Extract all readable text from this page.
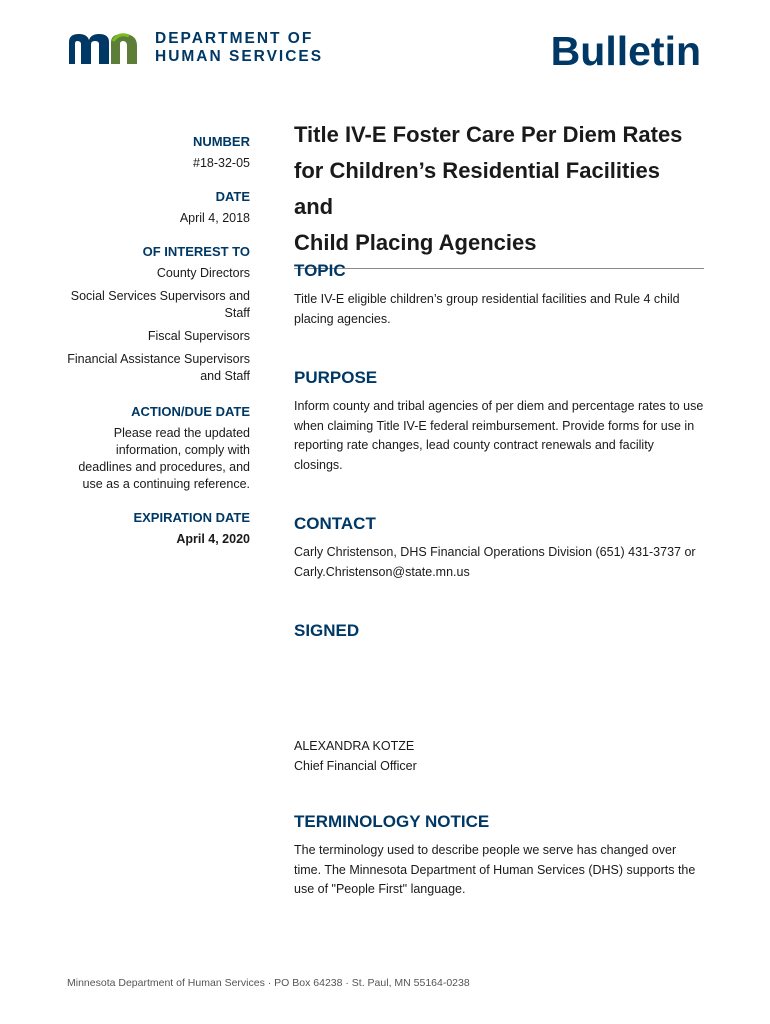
DEPARTMENT OF
HUMAN SERVICES	Bulletin
NUMBER
#18-32-05
DATE
April 4, 2018
OF INTEREST TO
County Directors
Social Services Supervisors and Staff
Fiscal Supervisors
Financial Assistance Supervisors and Staff
ACTION/DUE DATE
Please read the updated information, comply with deadlines and procedures, and use as a continuing reference.
EXPIRATION DATE
April 4, 2020
Title IV-E Foster Care Per Diem Rates
for Children’s Residential Facilities and
Child Placing Agencies
TOPIC
Title IV-E eligible children’s group residential facilities and Rule 4 child placing agencies.
PURPOSE
Inform county and tribal agencies of per diem and percentage rates to use when claiming Title IV-E federal reimbursement. Provide forms for use in reporting rate changes, lead county contract renewals and facility closings.
CONTACT
Carly Christenson, DHS Financial Operations Division (651) 431-3737 or Carly.Christenson@state.mn.us
SIGNED
ALEXANDRA KOTZE
Chief Financial Officer
TERMINOLOGY NOTICE
The terminology used to describe people we serve has changed over time. The Minnesota Department of Human Services (DHS) supports the use of "People First" language.
Minnesota Department of Human Services · PO Box 64238 · St. Paul, MN 55164-0238
